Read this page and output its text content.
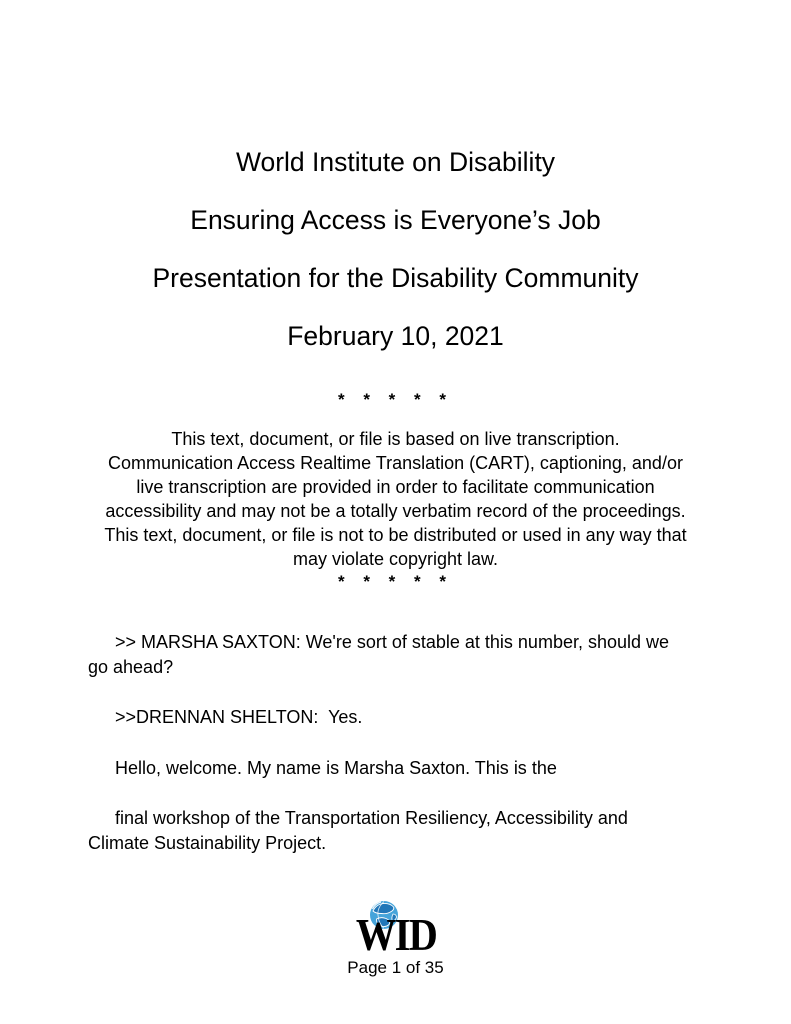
World Institute on Disability
Ensuring Access is Everyone’s Job
Presentation for the Disability Community
February 10, 2021
* * * * *
This text, document, or file is based on live transcription.
Communication Access Realtime Translation (CART), captioning, and/or
live transcription are provided in order to facilitate communication
accessibility and may not be a totally verbatim record of the proceedings.
This text, document, or file is not to be distributed or used in any way that
may violate copyright law.
* * * * *
>> MARSHA SAXTON: We're sort of stable at this number, should we
go ahead?
>>DRENNAN SHELTON:  Yes.
Hello, welcome. My name is Marsha Saxton. This is the
final workshop of the Transportation Resiliency, Accessibility and
Climate Sustainability Project.
WID
Page 1 of 35
